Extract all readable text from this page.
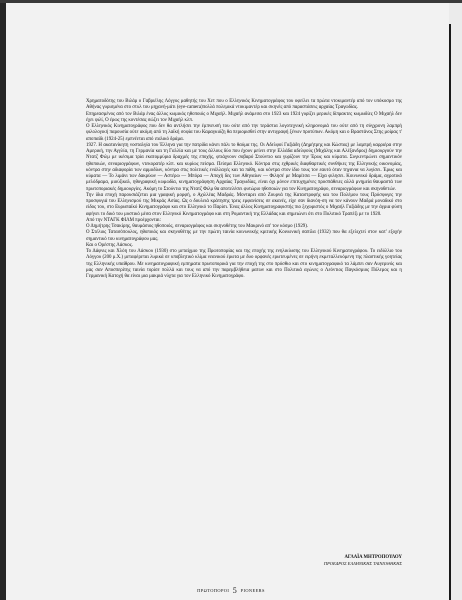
Χρηματοδότης του Βιλάρ ο Γαβριέλης Λόγγος μαθητής του Χετ που ο Ελληνικός Κινηματογράφος του οφείλει τα πρώτα ντοκιμαντέρ από τον υπόκοσμο της Αθήνας γυρισμένα στο στυλ του μηχανή-μάτι (eye-camera)πολλά πολεμικά ντοκιμαντέρ και σκηνές από παραστάσεις αρχαίας Τραγωδίας.

Επηρεασμένος από τον Βιλάρ ένας άλλος κωμικός ηθοποιός ο Μιχαήλ. Μιχαήλ ανάμεσα στο 1923 και 1924 γυρίζει μερικές δίπρακτες κωμωδίες Ο Μιχαήλ δεν έχει φιλί, Ο έρως της κοντέσας σώζει τον Μιχαήλ κλπ.

Ο Ελληνικός Κινηματογράφος που δεν θα αντλήσει την έμπνευσή του ούτε από την τεράστια λογοτεχνική κληρονομιά του ούτε από τη σύγχρονη λαμπρή φιλολογική παρουσία ούτε ακόμη από τη λαϊκή σοφία του Καραγκιόζη θα περιορισθεί στην αντιγραφή ξένων προτύπων. Ακόμη και ο Βραστάνος Στης μοίρας τ' αποπαίδι (1924-25) εμπνέεται από ιταλικό δράμα.

1927. Η ακατανίκητη νοσταλγία του Έλληνα για την πατρίδα κάνει πάλι το θαύμα της. Οι Αδελφοί Γαζιάδη (Δημήτρης και Κώστας) με λαμπρή καρριέρα στην Αμερική, την Αγγλία, τη Γερμανία και τη Γαλλία και με τους άλλους δύο που έχουν μείνει στην Ελλάδα αδελφούς (Μιχάλης και Αλέξανδρος) δημιουργούν την Ντατζ Φιλμ με ικέσιμα τρία εκατομμύρια δραχμές της εποχής, φτιάχνουν σοβαρό Στούντιο και γυρίζουν την Έρως και κύματα. Συγκεντρώνει σημαντικόν ηθοποιών, σεναριογράφων, ντεκορατέρ κλπ. και κυρίως πείσμα. Πείσμα Ελληνικό. Κόντρα στις εχθρικές διαφθαρτικές συνθήκες της Ελληνικής οικονομίας, κόντρα στην αδιαφορία των αρμοδίων, κόντρα στις πολιτικές ενάλλαγές και τα πάθη, και κόντρα στον ίδιο τους τον εαυτό όταν τηγανια να λυγίσει. Έρως και κύματα — Το λιμάνι των δακρύων — Αστέρω — Μπόρα — Αποχή δες των Αθηναίων — Φιλησέ με Μαρίτσα — Είχα φιλησει. Κοινωνικό δράμα, αγροτικό μελόδραμα, μιούζικαλ, ηθογραφική κωμωδία, κινηματογράφηση Αρχαίας Τραγωδίας, είναι όχι μόνον επιτυχημένες προσπάθειες αλλά μνημεία θαυμαστά των πρωτοποριακές δημιουργίες. Ακόμη το Στούντιο της Ντατζ Φιλμ θα αποτελέσει φυτώριο ηθοποιών για τον Κινηματογράφο, σεναριογράφων και σκηνοθετών.

Την ίδια εποχή παρουσιάζεται μια γραφική μορφή, ο Αχιλλέας Μαδράς. Μονταρει από Ζουρνά της Καταστροφής και του Πολέμου τους Πρόσφυγες την προσφυγιά του Ελληνισμού της Μικράς Ασίας. Ως ο δουλειά κράτησης τρεις εμφανίσεις σε ακανές, είχε σαν διανόη-ση να τον κάνουν Μαδρά μοναδικό στο είδος του, στο Ευρωπαϊκό Κινηματογράφο και στο Ελληνικό το Παρίσι. Ένας άλλος Κινηματογραφιστής πιο ξεχωριστός ο Μιχαήλ Γαζιάδης με την άγρια φύση αφήνει το δικό του μυστικό μέσα στον Ελληνικό Κινηματογράφο και στη Ρομαντική της Ελλάδας και σημειώνει ότι στο Πολιτικό Τραπέζι με το 1920.

Από την ΝΤΑΓΚ ΦΙΛΜ προέρχονται:

Ο Δημήτρης Τσακίρης, θαυμάσιος ηθοποιός, σεναριογράφος και σκηνοθέτης του Μακρινό απ' τον κόσμο (1929).

Ο Στέλιος Τατασόπουλος, ηθοποιός και σκηνοθέτης με την πρώτη ταινία κοινωνικής κριτικής Κοινωνική σαπίλα (1932) που θα εξελιχτεί στον κατ' εξοχήν σημαντικό του κινηματογράφου μας.

Και ο Ορέστης Λάσκος.

Το Δάφνις και Χλόη του Λάσκου (1930) στο μεταίχμιο της Πρωτοπορίας και της εποχής της ενηλικίωσης του Ελληνικού Κινηματογράφου. Το ειδύλλιο του Λόγγου (200 μ.Χ.) μεταφέρεται λυρικά σε υποβλητικό κλίμα νεανικού έρωτα με δυο ορφανές ερωτευμένες σε ειρήνη εκμεταλλευόμενη της πλαστικής γοητείας της Ελληνικής υπαίθρου. Με κινηματογραφική εμπηματα πρωτοπορικά για την εποχή της στο πρόσθιο και στο κινηματογραφικό τα λάμπει σαν Αυγερινός και μας σαν Αποσπερίτης ταινία τορίσε πολλά και τους να από την παρεμβλήθεια ματων και στο Πολιτικά αγώνες ο Λεόντιος Παγκόσμιος Πόλεμος και η Γερμανική Κατοχή θα είναι μια μακριά νύχτα για τον Ελληνικό Κινηματογράφο.

ΑΓΛΑΪΑ ΜΗΤΡΟΠΟΥΛΟΥ
ΠΡΟΕΔΡΟΣ ΕΛΛΗΝΙΚΗΣ ΤΑΙΝΙΟΘΗΚΗΣ
ΠΡΩΤΟΠΟΡΟΙ 5 PIONEERS
